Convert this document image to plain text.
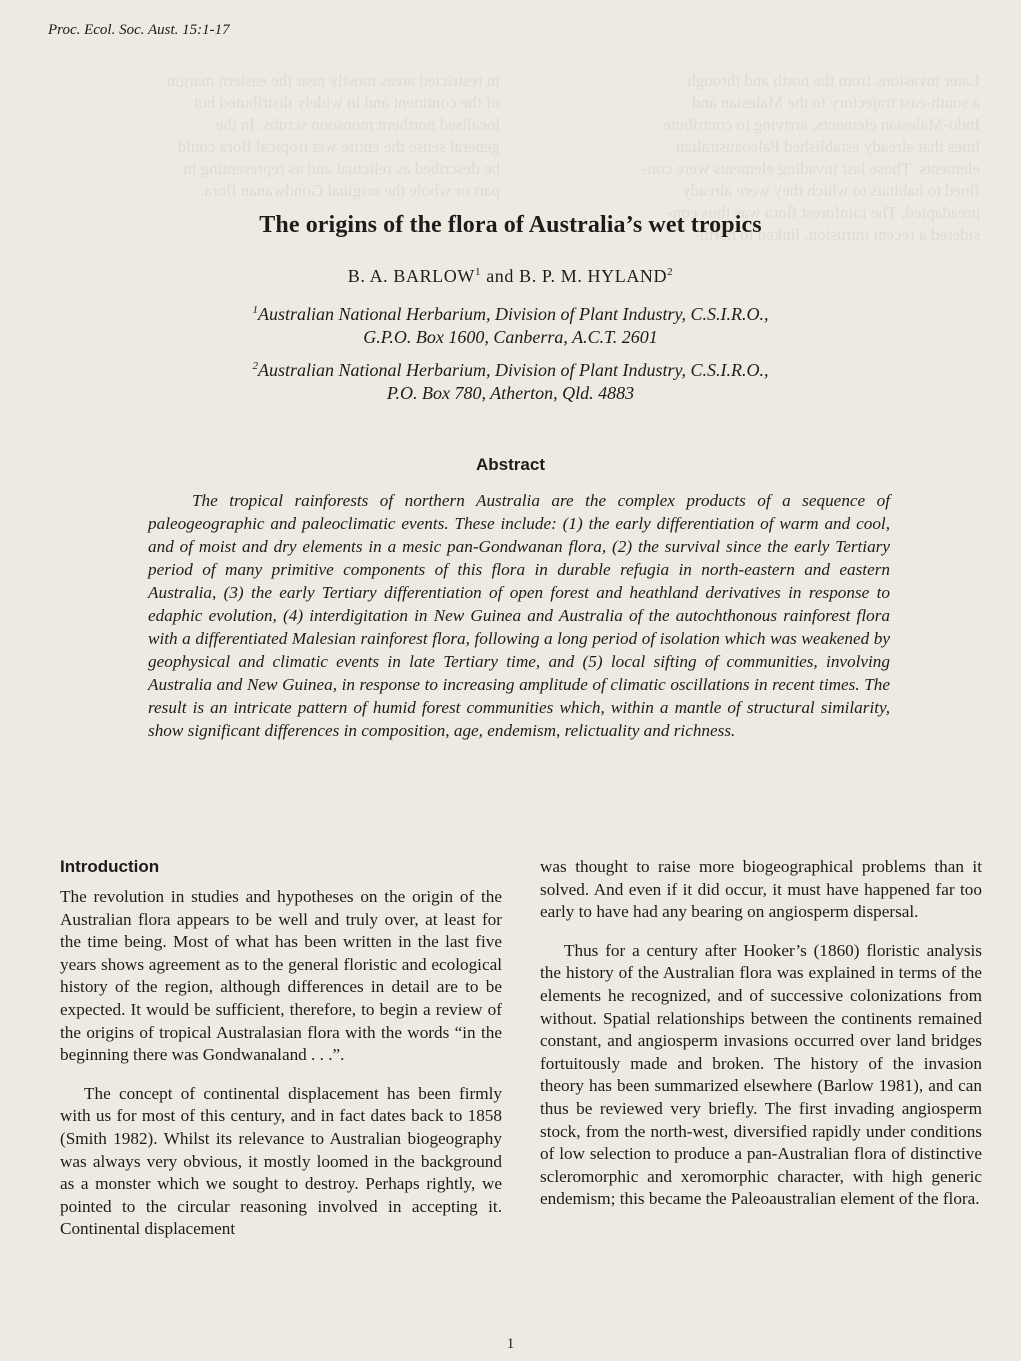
in restricted areas mostly near the eastern margin
of the continent and in widely distributed but
localised northern monsoon scrubs. In the
general sense the entire wet tropical flora could
be described as relictual and as representing in
part or whole the original Gondwanan flora.
Later invasions from the north and through
a south-east trajectory to the Malesian and
Indo-Malesian elements, arriving to contribute
lines that already established Paleoaustralian
elements. Those last invading elements were con-
fined to habitats to which they were already
preadapted. The rainforest flora was thus con-
sidered a recent intrusion, linked to north-
Proc. Ecol. Soc. Aust. 15:1-17
The origins of the flora of Australia’s wet tropics
B. A. BARLOW$^1$ and B. P. M. HYLAND$^2$
$^1$Australian National Herbarium, Division of Plant Industry, C.S.I.R.O.,
G.P.O. Box 1600, Canberra, A.C.T. 2601
$^2$Australian National Herbarium, Division of Plant Industry, C.S.I.R.O.,
P.O. Box 780, Atherton, Qld. 4883
Abstract

The tropical rainforests of northern Australia are the complex products of a sequence of paleogeographic and paleoclimatic events. These include: (1) the early differentiation of warm and cool, and of moist and dry elements in a mesic pan-Gondwanan flora, (2) the survival since the early Tertiary period of many primitive components of this flora in durable refugia in north-eastern and eastern Australia, (3) the early Tertiary differentiation of open forest and heathland derivatives in response to edaphic evolution, (4) interdigitation in New Guinea and Australia of the autochthonous rainforest flora with a differentiated Malesian rainforest flora, following a long period of isolation which was weakened by geophysical and climatic events in late Tertiary time, and (5) local sifting of communities, involving Australia and New Guinea, in response to increasing amplitude of climatic oscillations in recent times. The result is an intricate pattern of humid forest communities which, within a mantle of structural similarity, show significant differences in composition, age, endemism, relictuality and richness.

Introduction

The revolution in studies and hypotheses on the origin of the Australian flora appears to be well and truly over, at least for the time being. Most of what has been written in the last five years shows agreement as to the general floristic and ecological history of the region, although differences in detail are to be expected. It would be sufficient, therefore, to begin a review of the origins of tropical Australasian flora with the words “in the beginning there was Gondwanaland . . .”.

The concept of continental displacement has been firmly with us for most of this century, and in fact dates back to 1858 (Smith 1982). Whilst its relevance to Australian biogeography was always very obvious, it mostly loomed in the background as a monster which we sought to destroy. Perhaps rightly, we pointed to the circular reasoning involved in accepting it. Continental displacement

was thought to raise more biogeographical problems than it solved. And even if it did occur, it must have happened far too early to have had any bearing on angiosperm dispersal.

Thus for a century after Hooker’s (1860) floristic analysis the history of the Australian flora was explained in terms of the elements he recognized, and of successive colonizations from without. Spatial relationships between the continents remained constant, and angiosperm invasions occurred over land bridges fortuitously made and broken. The history of the invasion theory has been summarized elsewhere (Barlow 1981), and can thus be reviewed very briefly. The first invading angiosperm stock, from the north-west, diversified rapidly under conditions of low selection to produce a pan-Australian flora of distinctive scleromorphic and xeromorphic character, with high generic endemism; this became the Paleoaustralian element of the flora.

1
